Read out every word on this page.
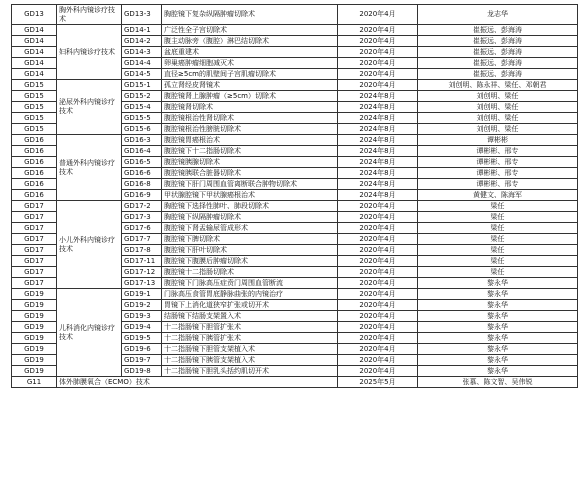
GD13	胸外科内镜诊疗技术	GD13-3	胸腔镜下复杂纵隔肿瘤切除术	2020年4月	龙志华
GD14	妇科内镜诊疗技术	GD14-1	广泛性全子宫切除术	2020年4月	崔振远、彭海涛
GD14		GD14-2	腹主动脉旁（腹腔）淋巴结切除术	2020年4月	崔振远、彭海涛
GD14		GD14-3	盆底重建术	2020年4月	崔振远、彭海涛
GD14		GD14-4	卵巢癌肿瘤细胞减灭术	2020年4月	崔振远、彭海涛
GD14		GD14-5	直径≥5cm的肌壁间子宫肌瘤切除术	2020年4月	崔振远、彭海涛
GD15	泌尿外科内镜诊疗技术	GD15-1	孤立肾经皮肾镜术	2020年4月	刘创明、陈永祥、梁任、邓朝君
GD15		GD15-2	腹腔镜肾上腺肿瘤（≥5cm）切除术	2024年8月	刘创明、梁任
GD15		GD15-4	腹腔镜肾切除术	2024年8月	刘创明、梁任
GD15		GD15-5	腹腔镜根治性肾切除术	2024年8月	刘创明、梁任
GD15		GD15-6	腹腔镜根治性膀胱切除术	2024年8月	刘创明、梁任
GD16	普通外科内镜诊疗技术	GD16-3	腹腔镜胃癌根治术	2024年8月	谭彬彬
GD16		GD16-4	腹腔镜下十二指肠切除术	2024年8月	谭彬彬、邢专
GD16		GD16-5	腹腔镜胰腺切除术	2024年8月	谭彬彬、邢专
GD16		GD16-6	腹腔镜胰联合脏器切除术	2024年8月	谭彬彬、邢专
GD16		GD16-8	腹腔镜下肝门周围血管离断联合肿物切除术	2024年8月	谭彬彬、邢专
GD16		GD16-9	甲状腺腔镜下甲状腺癌根治术	2024年8月	黄健文、陈海军
GD17	小儿外科内镜诊疗技术	GD17-2	胸腔镜下选择性肺叶、肺段切除术	2020年4月	梁任
GD17		GD17-3	胸腔镜下纵隔肿瘤切除术	2020年4月	梁任
GD17		GD17-6	腹腔镜下肾盂输尿管成形术	2020年4月	梁任
GD17		GD17-7	腹腔镜下脾切除术	2020年4月	梁任
GD17		GD17-8	腹腔镜下肝叶切除术	2020年4月	梁任
GD17		GD17-11	腹腔镜下腹膜后肿瘤切除术	2020年4月	梁任
GD17		GD17-12	腹腔镜十二指肠切除术	2020年4月	梁任
GD17		GD17-13	腹腔镜下门脉高压症贲门周围血管断流	2020年4月	黎永华
GD19	儿科消化内镜诊疗技术	GD19-1	门脉高压食管胃底静脉曲张的内镜治疗	2020年4月	黎永华
GD19		GD19-2	胃镜下上消化道狭窄扩张或切开术	2020年4月	黎永华
GD19		GD19-3	结肠镜下结肠支架置入术	2020年4月	黎永华
GD19		GD19-4	十二指肠镜下胆管扩张术	2020年4月	黎永华
GD19		GD19-5	十二指肠镜下胰管扩张术	2020年4月	黎永华
GD19		GD19-6	十二指肠镜下胆管支架植入术	2020年4月	黎永华
GD19		GD19-7	十二指肠镜下胰管支架植入术	2020年4月	黎永华
GD19		GD19-8	十二指肠镜下胆乳头括约肌切开术	2020年4月	黎永华
G11	体外肺膜氧合（ECMO）技术			2025年5月	张慕、陈文智、吴伟锐
